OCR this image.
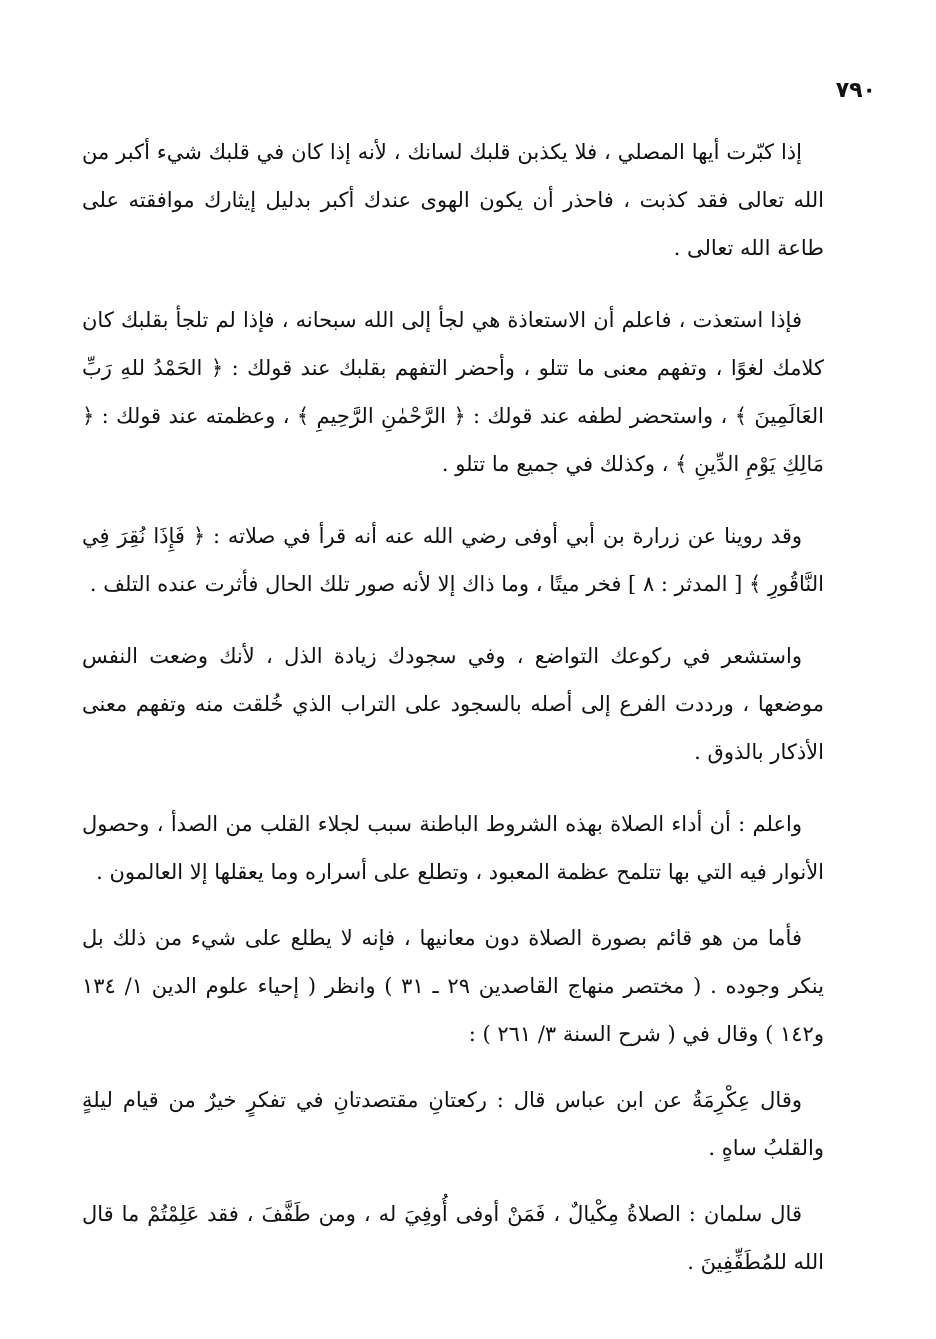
٧٩٠

إذا كبّرت أيها المصلي ، فلا يكذبن قلبك لسانك ، لأنه إذا كان في قلبك شيء أكبر من الله تعالى فقد كذبت ، فاحذر أن يكون الهوى عندك أكبر بدليل إيثارك موافقته على طاعة الله تعالى .

فإذا استعذت ، فاعلم أن الاستعاذة هي لجأ إلى الله سبحانه ، فإذا لم تلجأ بقلبك كان كلامك لغوًا ، وتفهم معنى ما تتلو ، وأحضر التفهم بقلبك عند قولك : ﴿ الحَمْدُ للهِ رَبِّ العَالَمِينَ ﴾ ، واستحضر لطفه عند قولك : ﴿ الرَّحْمٰنِ الرَّحِيمِ ﴾ ، وعظمته عند قولك : ﴿ مَالِكِ يَوْمِ الدِّينِ ﴾ ، وكذلك في جميع ما تتلو .

وقد روينا عن زرارة بن أبي أوفى رضي الله عنه أنه قرأ في صلاته : ﴿ فَإِذَا نُقِرَ فِي النَّاقُورِ ﴾ [ المدثر : ٨ ] فخر ميتًا ، وما ذاك إلا لأنه صور تلك الحال فأثرت عنده التلف .

واستشعر في ركوعك التواضع ، وفي سجودك زيادة الذل ، لأنك وضعت النفس موضعها ، ورددت الفرع إلى أصله بالسجود على التراب الذي خُلقت منه وتفهم معنى الأذكار بالذوق .

واعلم : أن أداء الصلاة بهذه الشروط الباطنة سبب لجلاء القلب من الصدأ ، وحصول الأنوار فيه التي بها تتلمح عظمة المعبود ، وتطلع على أسراره وما يعقلها إلا العالمون .

فأما من هو قائم بصورة الصلاة دون معانيها ، فإنه لا يطلع على شيء من ذلك بل ينكر وجوده . ( مختصر منهاج القاصدين ٢٩ ـ ٣١ ) وانظر ( إحياء علوم الدين ١/ ١٣٤ و١٤٢ ) وقال في ( شرح السنة ٣/ ٢٦١ ) :

وقال عِكْرِمَةُ عن ابن عباس قال : ركعتانِ مقتصدتانِ في تفكرٍ خيرٌ من قيام ليلةٍ والقلبُ ساهٍ .

قال سلمان : الصلاةُ مِكْيالٌ ، فَمَنْ أوفى أُوفِيَ له ، ومن طَفَّفَ ، فقد عَلِمْتُمْ ما قال الله للمُطَفِّفِينَ .
